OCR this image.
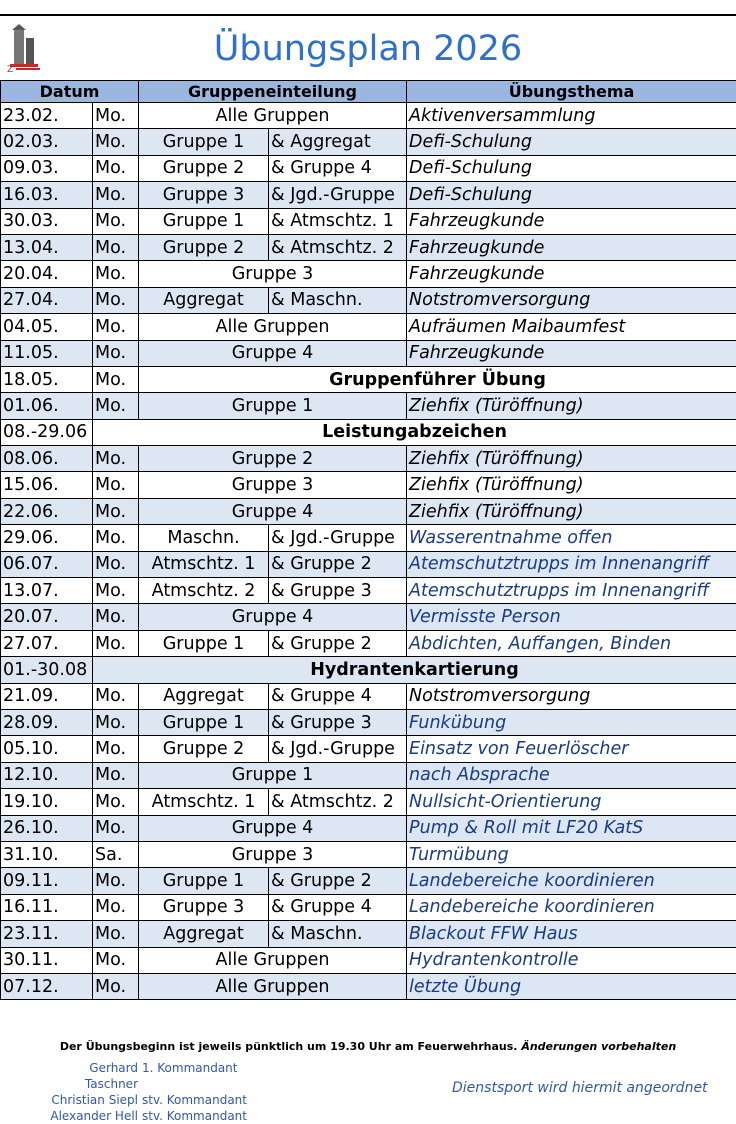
Z
Übungsplan 2026
Datum		Gruppeneinteilung		Übungsthema
23.02.	Mo.	Alle Gruppen		Aktivenversammlung
02.03.	Mo.	Gruppe 1	& Aggregat	Defi-Schulung
09.03.	Mo.	Gruppe 2	& Gruppe 4	Defi-Schulung
16.03.	Mo.	Gruppe 3	& Jgd.-Gruppe	Defi-Schulung
30.03.	Mo.	Gruppe 1	& Atmschtz. 1	Fahrzeugkunde
13.04.	Mo.	Gruppe 2	& Atmschtz. 2	Fahrzeugkunde
20.04.	Mo.	Gruppe 3		Fahrzeugkunde
27.04.	Mo.	Aggregat	& Maschn.	Notstromversorgung
04.05.	Mo.	Alle Gruppen		Aufräumen Maibaumfest
11.05.	Mo.	Gruppe 4		Fahrzeugkunde
18.05.	Mo.	Gruppenführer Übung		
01.06.	Mo.	Gruppe 1		Ziehfix (Türöffnung)
08.-29.06	Leistungabzeichen			
08.06.	Mo.	Gruppe 2		Ziehfix (Türöffnung)
15.06.	Mo.	Gruppe 3		Ziehfix (Türöffnung)
22.06.	Mo.	Gruppe 4		Ziehfix (Türöffnung)
29.06.	Mo.	Maschn.	& Jgd.-Gruppe	Wasserentnahme offen
06.07.	Mo.	Atmschtz. 1	& Gruppe 2	Atemschutztrupps im Innenangriff
13.07.	Mo.	Atmschtz. 2	& Gruppe 3	Atemschutztrupps im Innenangriff
20.07.	Mo.	Gruppe 4		Vermisste Person
27.07.	Mo.	Gruppe 1	& Gruppe 2	Abdichten, Auffangen, Binden
01.-30.08	Hydrantenkartierung			
21.09.	Mo.	Aggregat	& Gruppe 4	Notstromversorgung
28.09.	Mo.	Gruppe 1	& Gruppe 3	Funkübung
05.10.	Mo.	Gruppe 2	& Jgd.-Gruppe	Einsatz von Feuerlöscher
12.10.	Mo.	Gruppe 1		nach Absprache
19.10.	Mo.	Atmschtz. 1	& Atmschtz. 2	Nullsicht-Orientierung
26.10.	Mo.	Gruppe 4		Pump & Roll mit LF20 KatS
31.10.	Sa.	Gruppe 3		Turmübung
09.11.	Mo.	Gruppe 1	& Gruppe 2	Landebereiche koordinieren
16.11.	Mo.	Gruppe 3	& Gruppe 4	Landebereiche koordinieren
23.11.	Mo.	Aggregat	& Maschn.	Blackout FFW Haus
30.11.	Mo.	Alle Gruppen		Hydrantenkontrolle
07.12.	Mo.	Alle Gruppen		letzte Übung
Der Übungsbeginn ist jeweils pünktlich um 19.30 Uhr am Feuerwehrhaus. Änderungen vorbehalten
Gerhard Taschner
1. Kommandant
Christian Siepl stv. Kommandant
Alexander Hell stv. Kommandant
Dienstsport wird hiermit angeordnet
